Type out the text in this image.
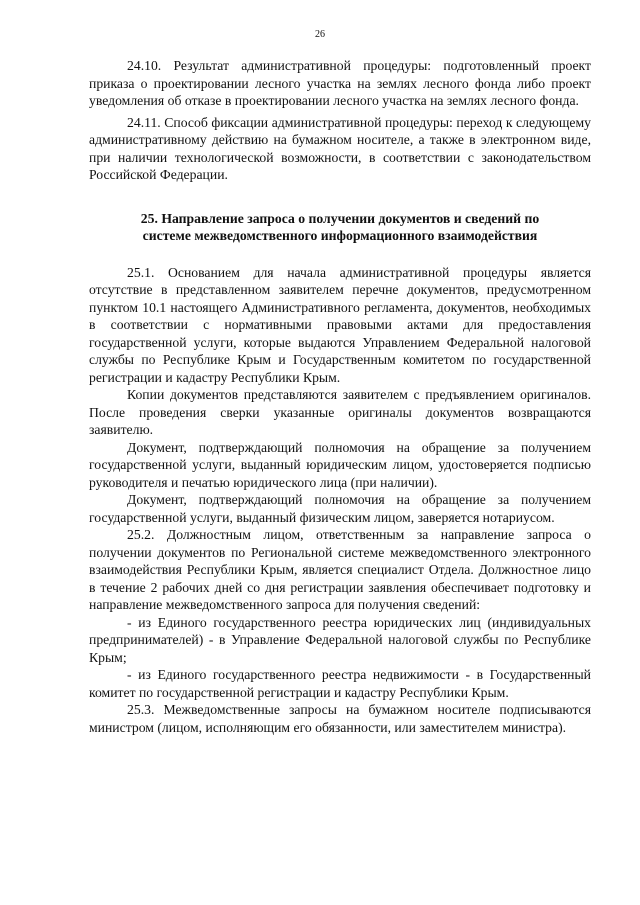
26

24.10. Результат административной процедуры: подготовленный проект приказа о проектировании лесного участка на землях лесного фонда либо проект уведомления об отказе в проектировании лесного участка на землях лесного фонда.

24.11. Способ фиксации административной процедуры: переход к следующему административному действию на бумажном носителе, а также в электронном виде, при наличии технологической возможности, в соответствии с законодательством Российской Федерации.

25. Направление запроса о получении документов и сведений по
системе межведомственного информационного взаимодействия

25.1. Основанием для начала административной процедуры является отсутствие в представленном заявителем перечне документов, предусмотренном пунктом 10.1 настоящего Административного регламента, документов, необходимых в соответствии с нормативными правовыми актами для предоставления государственной услуги, которые выдаются Управлением Федеральной налоговой службы по Республике Крым и Государственным комитетом по государственной регистрации и кадастру Республики Крым.

Копии документов представляются заявителем с предъявлением оригиналов. После проведения сверки указанные оригиналы документов возвращаются заявителю.

Документ, подтверждающий полномочия на обращение за получением государственной услуги, выданный юридическим лицом, удостоверяется подписью руководителя и печатью юридического лица (при наличии).

Документ, подтверждающий полномочия на обращение за получением государственной услуги, выданный физическим лицом, заверяется нотариусом.

25.2. Должностным лицом, ответственным за направление запроса о получении документов по Региональной системе межведомственного электронного взаимодействия Республики Крым, является специалист Отдела. Должностное лицо в течение 2 рабочих дней со дня регистрации заявления обеспечивает подготовку и направление межведомственного запроса для получения сведений:

- из Единого государственного реестра юридических лиц (индивидуальных предпринимателей) - в Управление Федеральной налоговой службы по Республике Крым;

- из Единого государственного реестра недвижимости - в Государственный комитет по государственной регистрации и кадастру Республики Крым.

25.3. Межведомственные запросы на бумажном носителе подписываются министром (лицом, исполняющим его обязанности, или заместителем министра).
